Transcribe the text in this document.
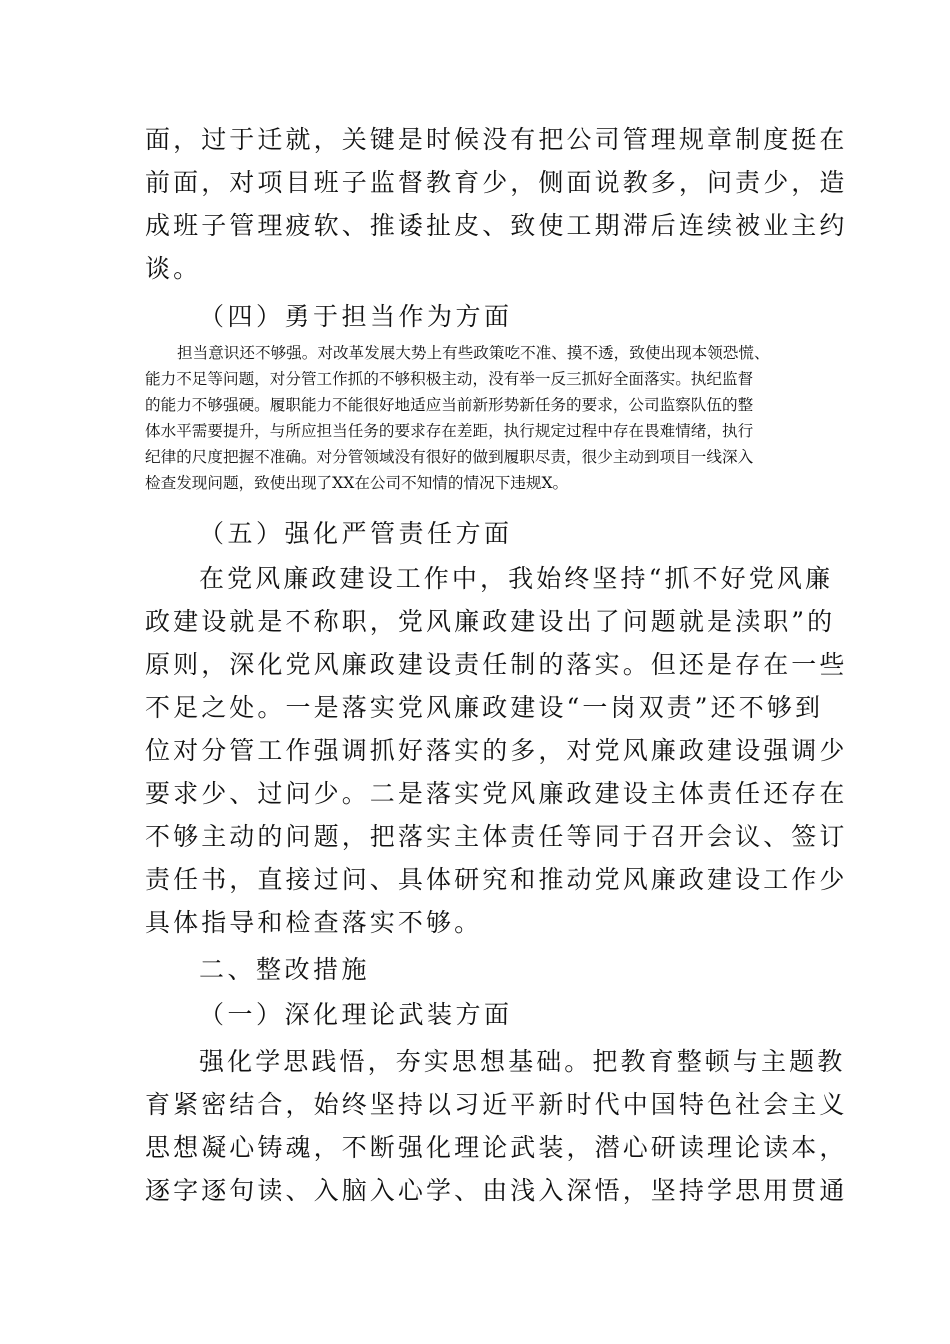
面，过于迁就，关键是时候没有把公司管理规章制度挺在
前面，对项目班子监督教育少，侧面说教多，问责少，造
成班子管理疲软、推诿扯皮、致使工期滞后连续被业主约
谈。
（四）勇于担当作为方面
担当意识还不够强。对改革发展大势上有些政策吃不准、摸不透，致使出现本领恐慌、
能力不足等问题，对分管工作抓的不够积极主动，没有举一反三抓好全面落实。执纪监督
的能力不够强硬。履职能力不能很好地适应当前新形势新任务的要求，公司监察队伍的整
体水平需要提升，与所应担当任务的要求存在差距，执行规定过程中存在畏难情绪，执行
纪律的尺度把握不准确。对分管领域没有很好的做到履职尽责，很少主动到项目一线深入
检查发现问题，致使出现了XX在公司不知情的情况下违规X。
（五）强化严管责任方面
在党风廉政建设工作中，我始终坚持“抓不好党风廉
政建设就是不称职，党风廉政建设出了问题就是渎职”的
原则，深化党风廉政建设责任制的落实。但还是存在一些
不足之处。一是落实党风廉政建设“一岗双责”还不够到
位对分管工作强调抓好落实的多，对党风廉政建设强调少
要求少、过问少。二是落实党风廉政建设主体责任还存在
不够主动的问题，把落实主体责任等同于召开会议、签订
责任书，直接过问、具体研究和推动党风廉政建设工作少
具体指导和检查落实不够。
二、整改措施
（一）深化理论武装方面
强化学思践悟，夯实思想基础。把教育整顿与主题教
育紧密结合，始终坚持以习近平新时代中国特色社会主义
思想凝心铸魂，不断强化理论武装，潜心研读理论读本，
逐字逐句读、入脑入心学、由浅入深悟，坚持学思用贯通
